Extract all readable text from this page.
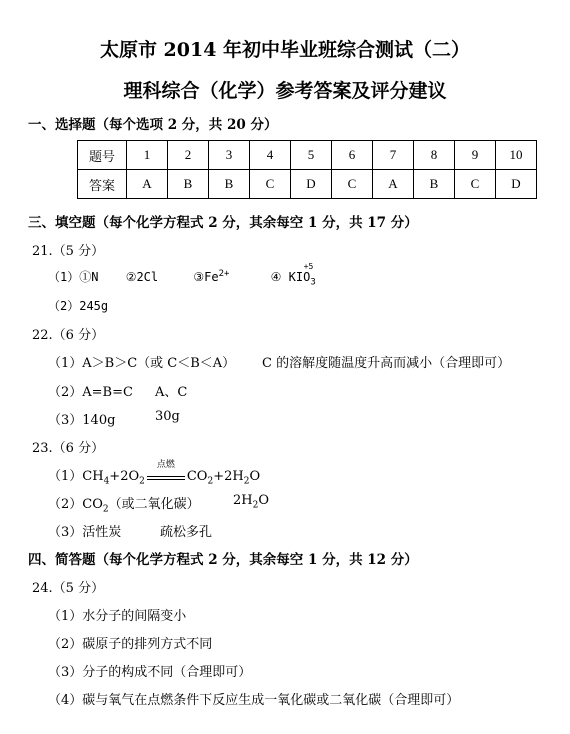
太原市 2014 年初中毕业班综合测试（二）
理科综合（化学）参考答案及评分建议
一、选择题（每个选项 2 分，共 20 分）
题号	1	2	3	4	5	6	7	8	9	10
答案	A	B	B	C	D	C	A	B	C	D
三、填空题（每个化学方程式 2 分，其余每空 1 分，共 17 分）
21.（5 分）
（1）①N ②2Cl	$③Fe^{2+}$	④ $KIO_3$
+5
（2）245g
22.（6 分）
（1）A＞B＞C（或 C＜B＜A） C 的溶解度随温度升高而减小（合理即可）
（2）A=B=C A、C
（3）140g	30g
23.（6 分）
$(1)CH_4+2O_2$
点燃
$CO_2+2H_2O$
$(2)CO_2$（或二氧化碳）	$2H_2O$
（3）活性炭	疏松多孔
四、简答题（每个化学方程式 2 分，其余每空 1 分，共 12 分）
24.（5 分）
（1）水分子的间隔变小
（2）碳原子的排列方式不同
（3）分子的构成不同（合理即可）
（4）碳与氧气在点燃条件下反应生成一氧化碳或二氧化碳（合理即可）
